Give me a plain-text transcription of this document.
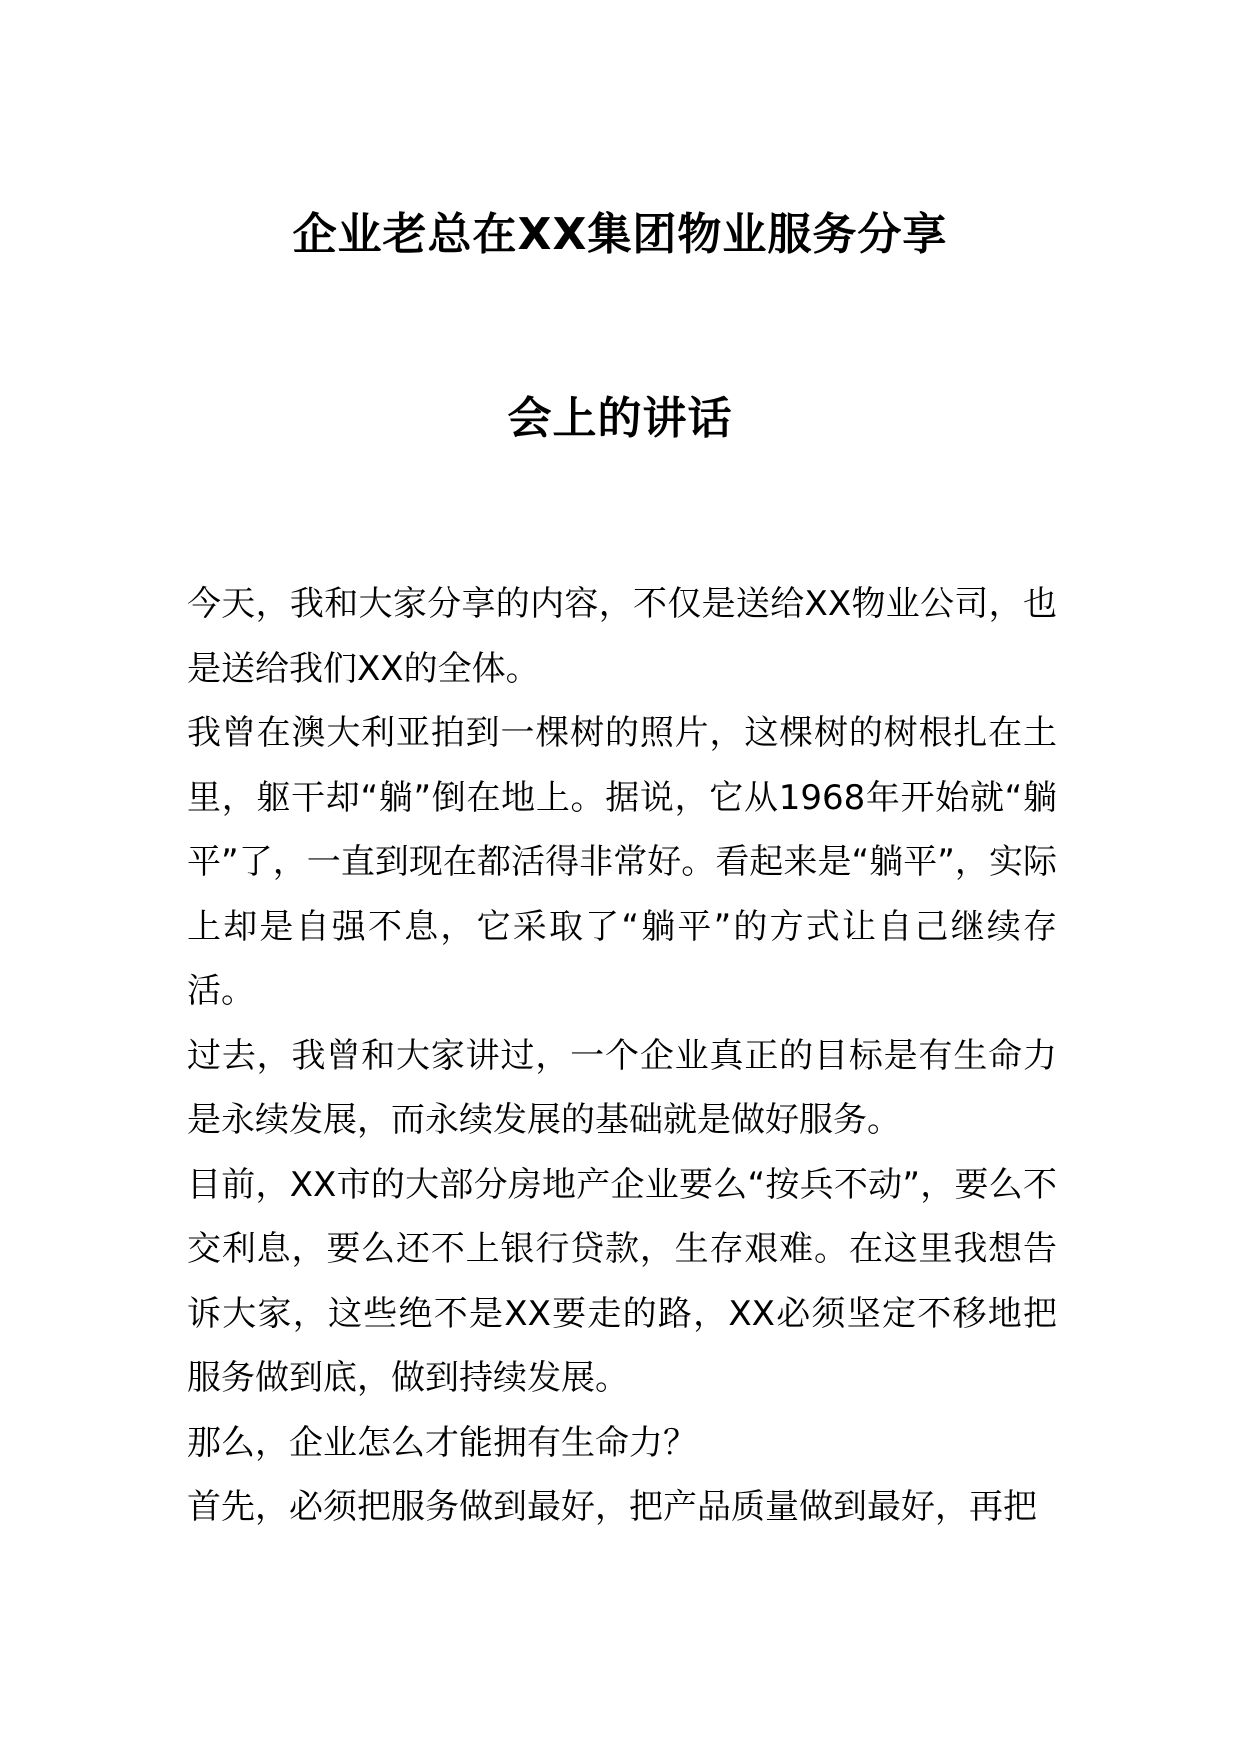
企业老总在XX集团物业服务分享
会上的讲话

今天，我和大家分享的内容，不仅是送给XX物业公司，也是送给我们XX的全体。

我曾在澳大利亚拍到一棵树的照片，这棵树的树根扎在土里，躯干却“躺”倒在地上。据说，它从1968年开始就“躺平”了，一直到现在都活得非常好。看起来是“躺平”，实际上却是自强不息，它采取了“躺平”的方式让自己继续存活。

过去，我曾和大家讲过，一个企业真正的目标是有生命力是永续发展，而永续发展的基础就是做好服务。

目前，XX市的大部分房地产企业要么“按兵不动”，要么不交利息，要么还不上银行贷款，生存艰难。在这里我想告诉大家，这些绝不是XX要走的路，XX必须坚定不移地把服务做到底，做到持续发展。

那么，企业怎么才能拥有生命力？

首先，必须把服务做到最好，把产品质量做到最好，再把
